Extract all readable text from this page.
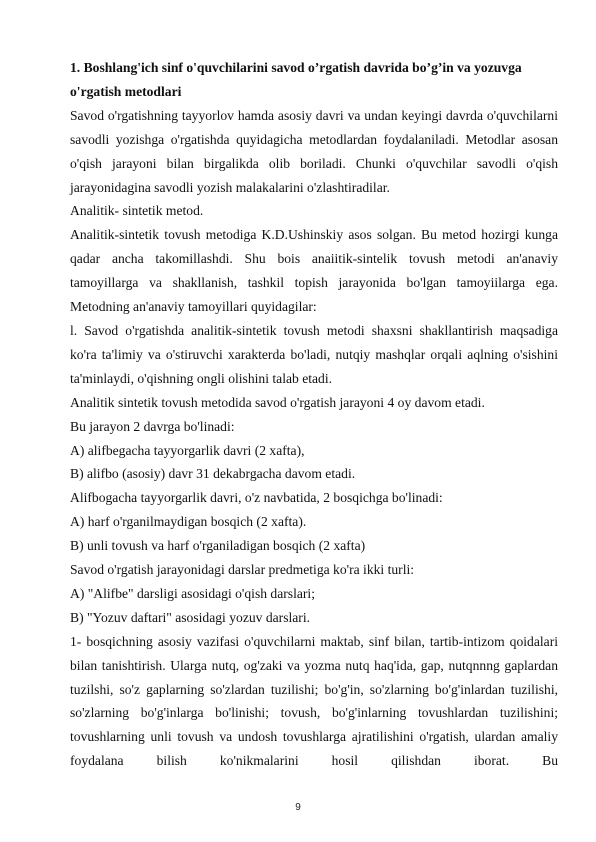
1. Boshlang'ich sinf o'quvchilarini savod o’rgatish davrida bo’g’in va yozuvga
o'rgatish metodlari

Savod o'rgatishning tayyorlov hamda asosiy davri va undan keyingi davrda o'quvchilarni savodli yozishga o'rgatishda quyidagicha metodlardan foydalaniladi. Metodlar asosan o'qish jarayoni bilan birgalikda olib boriladi. Chunki o'quvchilar savodli o'qish jarayonidagina savodli yozish malakalarini o'zlashtiradilar.

Analitik- sintetik metod.

Analitik-sintetik tovush metodiga K.D.Ushinskiy asos solgan. Bu metod hozirgi kunga qadar ancha takomillashdi. Shu bois anaiitik-sintelik tovush metodi an'anaviy tamoyillarga va shakllanish, tashkil topish jarayonida bo'lgan tamoyiilarga ega. Metodning an'anaviy tamoyillari quyidagilar:

l. Savod o'rgatishda analitik-sintetik tovush metodi shaxsni shakllantirish maqsadiga ko'ra ta'limiy va o'stiruvchi xarakterda bo'ladi, nutqiy mashqlar orqali aqlning o'sishini ta'minlaydi, o'qishning ongli olishini talab etadi.

Analitik sintetik tovush metodida savod o'rgatish jarayoni 4 oy davom etadi.

Bu jarayon 2 davrga bo'linadi:

A) alifbegacha tayyorgarlik davri (2 xafta),

B) alifbo (asosiy) davr 31 dekabrgacha davom etadi.

Alifbogacha tayyorgarlik davri, o'z navbatida, 2 bosqichga bo'linadi:

A) harf o'rganilmaydigan bosqich (2 xafta).

B) unli tovush va harf o'rganiladigan bosqich (2 xafta)

Savod o'rgatish jarayonidagi darslar predmetiga ko'ra ikki turli:

A) "Alifbe" darsligi asosidagi o'qish darslari;

B) "Yozuv daftari" asosidagi yozuv darslari.

1- bosqichning asosiy vazifasi o'quvchilarni maktab, sinf bilan, tartib-intizom qoidalari bilan tanishtirish. Ularga nutq, og'zaki va yozma nutq haq'ida, gap, nutqnnng gaplardan tuzilshi, so'z gaplarning so'zlardan tuzilishi; bo'g'in, so'zlarning bo'g'inlardan tuzilishi, so'zlarning bo'g'inlarga bo'linishi; tovush, bo'g'inlarning tovushlardan tuzilishini; tovushlarning unli tovush va undosh tovushlarga ajratilishini o'rgatish, ulardan amaliy foydalana bilish ko'nikmalarini hosil qilishdan iborat. Bu

9
